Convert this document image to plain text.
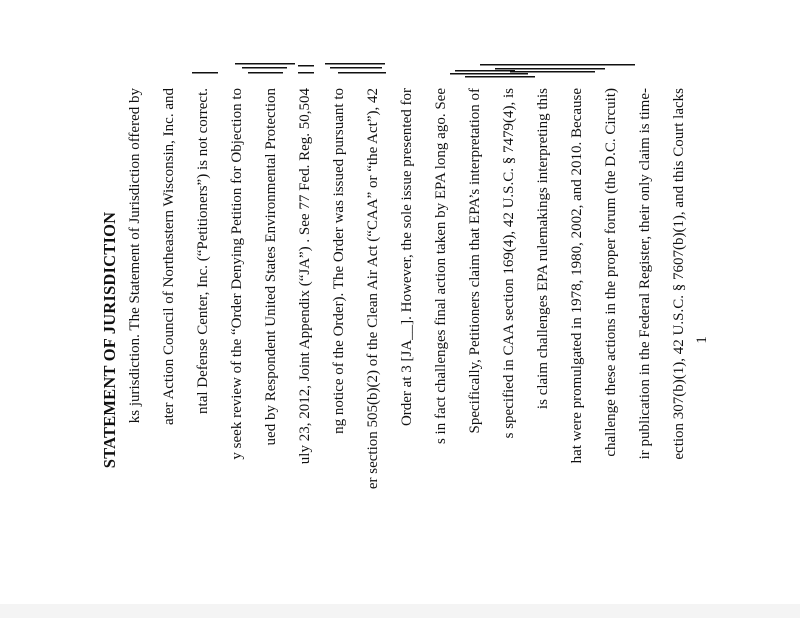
STATEMENT OF JURISDICTION ks jurisdiction. The Statement of Jurisdiction offered by ater Action Council of Northeastern Wisconsin, Inc. and ntal Defense Center, Inc. (“Petitioners”) is not correct. y seek review of the “Order Denying Petition for Objection to ued by Respondent United States Environmental Protection uly 23, 2012, Joint Appendix (“JA”) . See 77 Fed. Reg. 50,504 ng notice of the Order). The Order was issued pursuant to er section 505(b)(2) of the Clean Air Act (“CAA” or “the Act”), 42 Order at 3 [JA__]. However, the sole issue presented for s in fact challenges final action taken by EPA long ago. See Specifically, Petitioners claim that EPA’s interpretation of s specified in CAA section 169(4), 42 U.S.C. § 7479(4), is is claim challenges EPA rulemakings interpreting this hat were promulgated in 1978, 1980, 2002, and 2010. Because challenge these actions in the proper forum (the D.C. Circuit) ir publication in the Federal Register, their only claim is time- ection 307(b)(1), 42 U.S.C. § 7607(b)(1), and this Court lacks 1
